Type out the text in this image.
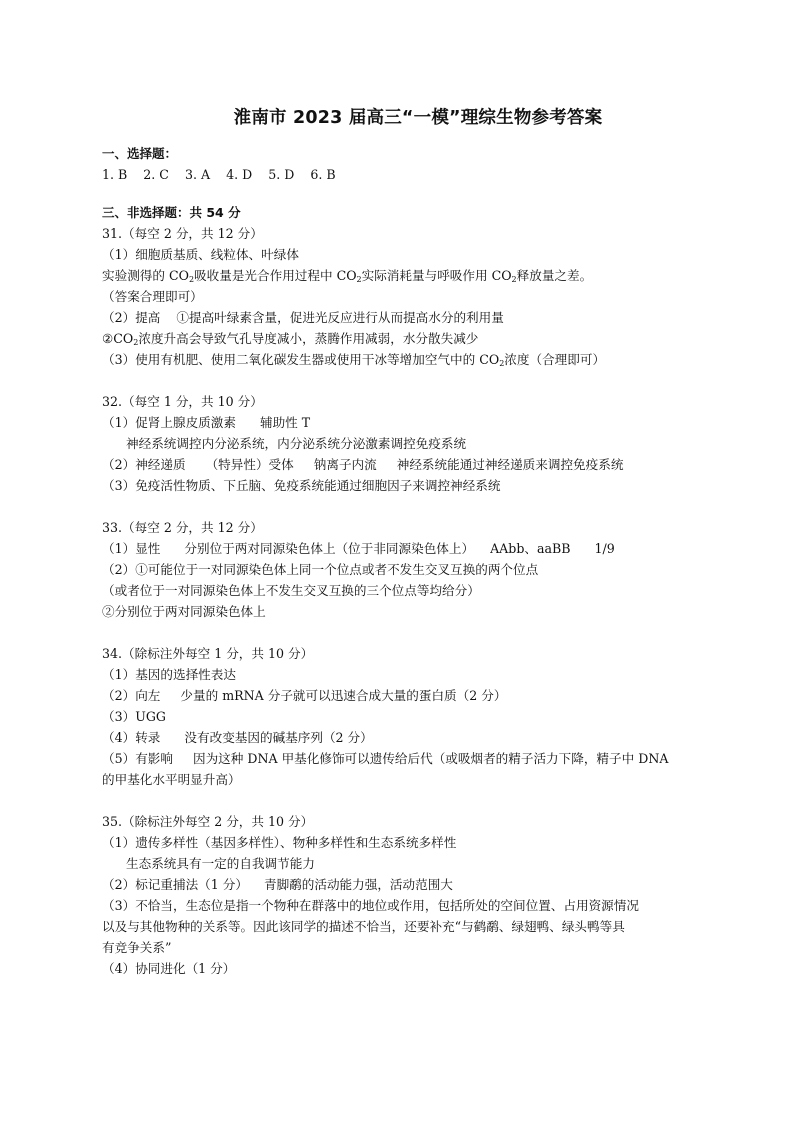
淮南市 2023 届高三“一模”理综生物参考答案
一、选择题：
1. B    2. C    3. A    4. D    5. D    6. B
三、非选择题：共 54 分
31.（每空 2 分，共 12 分）
（1）细胞质基质、线粒体、叶绿体
实验测得的 $CO_2$吸收量是光合作用过程中 $CO_2$实际消耗量与呼吸作用 $CO_2$释放量之差。
（答案合理即可）
（2）提高    ①提高叶绿素含量，促进光反应进行从而提高水分的利用量
$②CO_2$浓度升高会导致气孔导度减小，蒸腾作用减弱，水分散失减少
（3）使用有机肥、使用二氧化碳发生器或使用干冰等增加空气中的 $CO_2$浓度（合理即可）
32.（每空 1 分，共 10 分）
（1）促肾上腺皮质激素      辅助性 T
神经系统调控内分泌系统，内分泌系统分泌激素调控免疫系统
（2）神经递质     （特异性）受体     钠离子内流     神经系统能通过神经递质来调控免疫系统
（3）免疫活性物质、下丘脑、免疫系统能通过细胞因子来调控神经系统
33.（每空 2 分，共 12 分）
（1）显性      分别位于两对同源染色体上（位于非同源染色体上）    AAbb、aaBB      1/9
（2）①可能位于一对同源染色体上同一个位点或者不发生交叉互换的两个位点
（或者位于一对同源染色体上不发生交叉互换的三个位点等均给分）
②分别位于两对同源染色体上
34.（除标注外每空 1 分，共 10 分）
（1）基因的选择性表达
（2）向左     少量的 mRNA 分子就可以迅速合成大量的蛋白质（2 分）
（3）UGG
（4）转录      没有改变基因的碱基序列（2 分）
（5）有影响     因为这种 DNA 甲基化修饰可以遗传给后代（或吸烟者的精子活力下降，精子中 DNA
的甲基化水平明显升高）
35.（除标注外每空 2 分，共 10 分）
（1）遗传多样性（基因多样性）、物种多样性和生态系统多样性
生态系统具有一定的自我调节能力
（2）标记重捕法（1 分）    青脚鹬的活动能力强，活动范围大
（3）不恰当，生态位是指一个物种在群落中的地位或作用，包括所处的空间位置、占用资源情况
以及与其他物种的关系等。因此该同学的描述不恰当，还要补充“与鹤鹬、绿翅鸭、绿头鸭等具
有竞争关系”
（4）协同进化（1 分）
